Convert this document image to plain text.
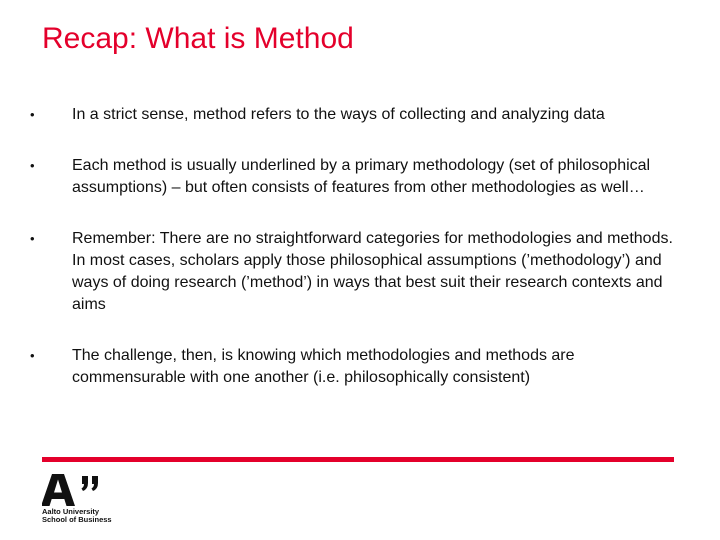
Recap: What is Method
• In a strict sense, method refers to the ways of collecting and analyzing data
• Each method is usually underlined by a primary methodology (set of philosophical assumptions) – but often consists of features from other methodologies as well…
• Remember: There are no straightforward categories for methodologies and methods. In most cases, scholars apply those philosophical assumptions (’methodology’) and ways of doing research (’method’) in ways that best suit their research contexts and aims
• The challenge, then, is knowing which methodologies and methods are commensurable with one another (i.e. philosophically consistent)
Aalto University
School of Business
